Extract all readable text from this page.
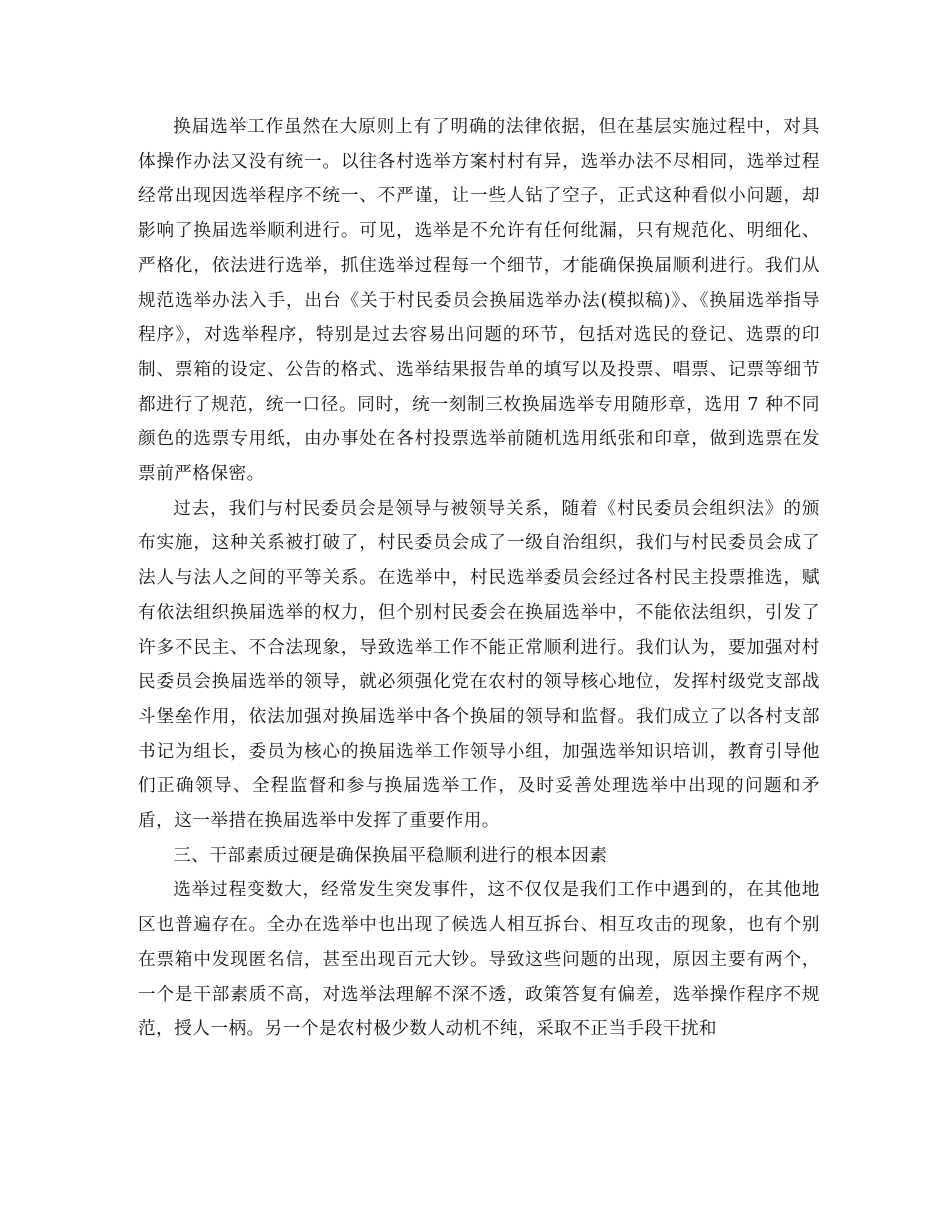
换届选举工作虽然在大原则上有了明确的法律依据，但在基层实施过程中，对具体操作办法又没有统一。以往各村选举方案村村有异，选举办法不尽相同，选举过程经常出现因选举程序不统一、不严谨，让一些人钻了空子，正式这种看似小问题，却影响了换届选举顺利进行。可见，选举是不允许有任何纰漏，只有规范化、明细化、严格化，依法进行选举，抓住选举过程每一个细节，才能确保换届顺利进行。我们从规范选举办法入手，出台《关于村民委员会换届选举办法(模拟稿)》、《换届选举指导程序》，对选举程序，特别是过去容易出问题的环节，包括对选民的登记、选票的印制、票箱的设定、公告的格式、选举结果报告单的填写以及投票、唱票、记票等细节都进行了规范，统一口径。同时，统一刻制三枚换届选举专用随形章，选用 7 种不同颜色的选票专用纸，由办事处在各村投票选举前随机选用纸张和印章，做到选票在发票前严格保密。

过去，我们与村民委员会是领导与被领导关系，随着《村民委员会组织法》的颁布实施，这种关系被打破了，村民委员会成了一级自治组织，我们与村民委员会成了法人与法人之间的平等关系。在选举中，村民选举委员会经过各村民主投票推选，赋有依法组织换届选举的权力，但个别村民委会在换届选举中，不能依法组织，引发了许多不民主、不合法现象，导致选举工作不能正常顺利进行。我们认为，要加强对村民委员会换届选举的领导，就必须强化党在农村的领导核心地位，发挥村级党支部战斗堡垒作用，依法加强对换届选举中各个换届的领导和监督。我们成立了以各村支部书记为组长，委员为核心的换届选举工作领导小组，加强选举知识培训，教育引导他们正确领导、全程监督和参与换届选举工作，及时妥善处理选举中出现的问题和矛盾，这一举措在换届选举中发挥了重要作用。

三、干部素质过硬是确保换届平稳顺利进行的根本因素

选举过程变数大，经常发生突发事件，这不仅仅是我们工作中遇到的，在其他地区也普遍存在。全办在选举中也出现了候选人相互拆台、相互攻击的现象，也有个别在票箱中发现匿名信，甚至出现百元大钞。导致这些问题的出现，原因主要有两个，一个是干部素质不高，对选举法理解不深不透，政策答复有偏差，选举操作程序不规范，授人一柄。另一个是农村极少数人动机不纯，采取不正当手段干扰和
